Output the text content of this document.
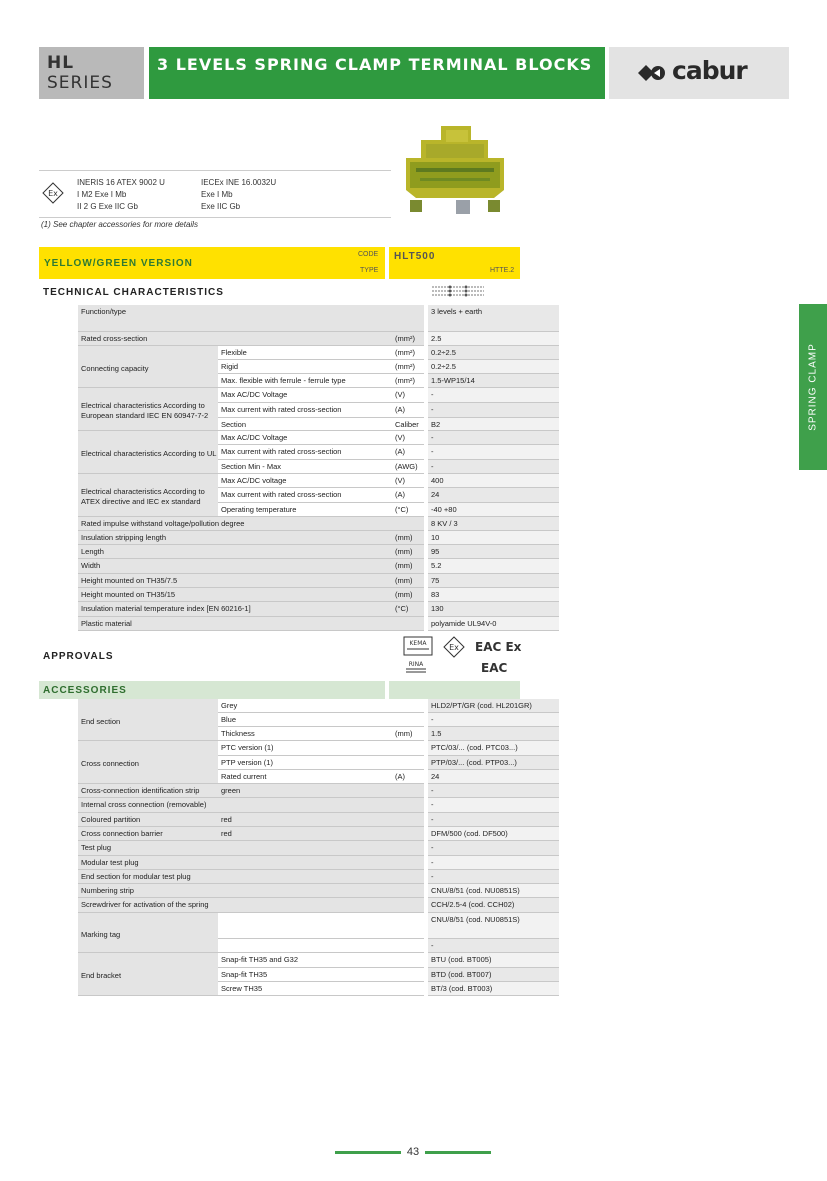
HL
SERIES
3 LEVELS SPRING CLAMP TERMINAL BLOCKS	cabur
SPRING CLAMP
Ex
INERIS 16 ATEX 9002 U
I M2 Exe I Mb
II 2 G Exe IIC Gb
IECEx INE 16.0032U
Exe I Mb
Exe IIC Gb
(1) See chapter accessories for more details
YELLOW/GREEN VERSION
CODE
TYPE
HLT500
HTTE.2
TECHNICAL CHARACTERISTICS
Function/type	3 levels + earth
Rated cross-section	(mm²)	2.5
Connecting capacity
Flexible	(mm²)	0.2÷2.5
Rigid	(mm²)	0.2÷2.5
Max. flexible with ferrule - ferrule type	(mm²)	1.5-WP15/14
Electrical characteristics According to European standard IEC EN 60947-7-2
Max AC/DC Voltage	(V)	-
Max current with rated cross-section	(A)	-
Section	Caliber	B2
Electrical characteristics According to UL
Max AC/DC Voltage	(V)	-
Max current with rated cross-section	(A)	-
Section Min - Max	(AWG)	-
Electrical characteristics According to ATEX directive and IEC ex standard
Max AC/DC voltage	(V)	400
Max current with rated cross-section	(A)	24
Operating temperature	(°C)	-40 +80
Rated impulse withstand voltage/pollution degree	8 KV / 3
Insulation stripping length	(mm)	10
Length	(mm)	95
Width	(mm)	5.2
Height mounted on TH35/7.5	(mm)	75
Height mounted on TH35/15	(mm)	83
Insulation material temperature index [EN 60216-1]	(°C)	130
Plastic material	polyamide UL94V-0
APPROVALS
KEMA	Ex EAC Ex
RINA	EAC
ACCESSORIES
End section
Grey	HLD2/PT/GR (cod. HL201GR)
Blue	-
Thickness	(mm)	1.5
Cross connection
PTC version (1)	PTC/03/... (cod. PTC03...)
PTP version (1)	PTP/03/... (cod. PTP03...)
Rated current	(A)	24
Cross-connection identification strip	green	-
Internal cross connection (removable)	-
Coloured partition	red	-
Cross connection barrier	red	DFM/500 (cod. DF500)
Test plug	-
Modular test plug	-
End section for modular test plug	-
Numbering strip	CNU/8/51 (cod. NU0851S)
Screwdriver for activation of the spring	CCH/2.5-4 (cod. CCH02)
Marking tag
CNU/8/51 (cod. NU0851S)
-
End bracket
Snap-fit TH35 and G32	BTU (cod. BT005)
Snap-fit TH35	BTD (cod. BT007)
Screw TH35	BT/3 (cod. BT003)
43
